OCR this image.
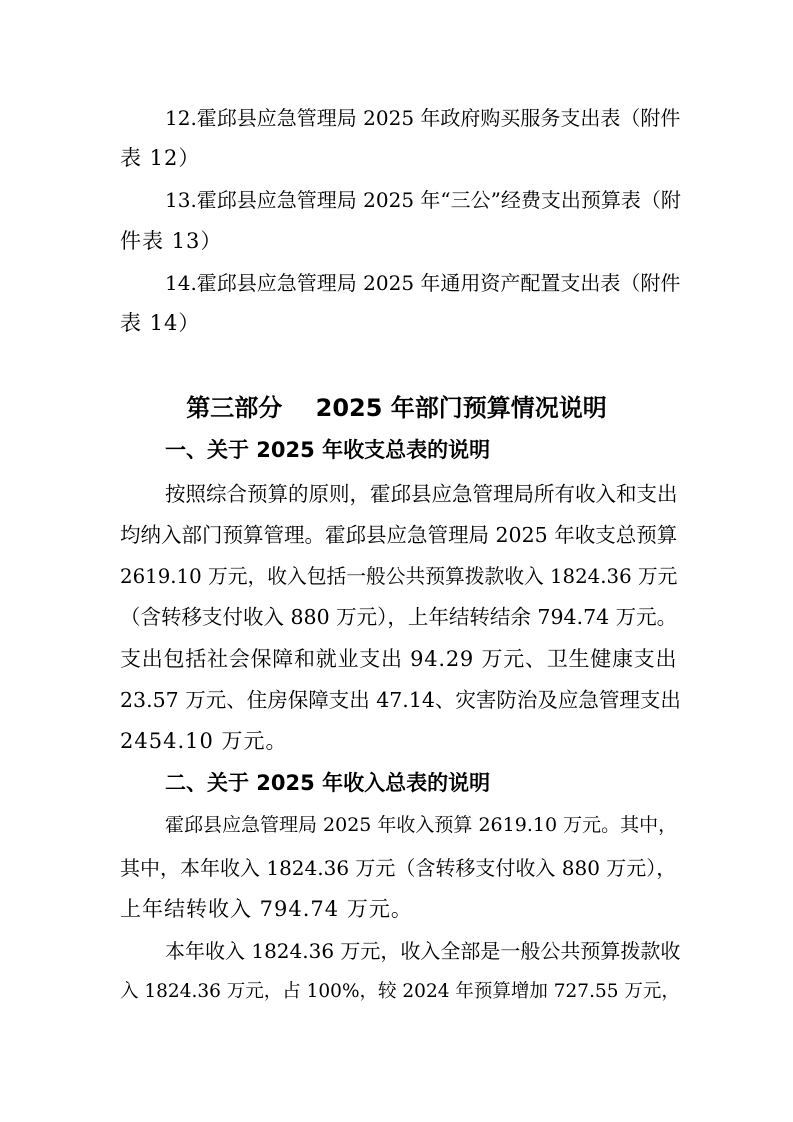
12.霍邱县应急管理局 2025 年政府购买服务支出表（附件
表 12）
13.霍邱县应急管理局 2025 年“三公”经费支出预算表（附
件表 13）
14.霍邱县应急管理局 2025 年通用资产配置支出表（附件
表 14）
第三部分    2025 年部门预算情况说明
一、关于 2025 年收支总表的说明
按照综合预算的原则，霍邱县应急管理局所有收入和支出
均纳入部门预算管理。霍邱县应急管理局 2025 年收支总预算
2619.10 万元，收入包括一般公共预算拨款收入 1824.36 万元
（含转移支付收入 880 万元），上年结转结余 794.74 万元。
支出包括社会保障和就业支出 94.29 万元、卫生健康支出
23.57 万元、住房保障支出 47.14、灾害防治及应急管理支出
2454.10 万元。
二、关于 2025 年收入总表的说明
霍邱县应急管理局 2025 年收入预算 2619.10 万元。其中，
其中，本年收入 1824.36 万元（含转移支付收入 880 万元），
上年结转收入 794.74 万元。
本年收入 1824.36 万元，收入全部是一般公共预算拨款收
入 1824.36 万元，占 100%，较 2024 年预算增加 727.55 万元，
